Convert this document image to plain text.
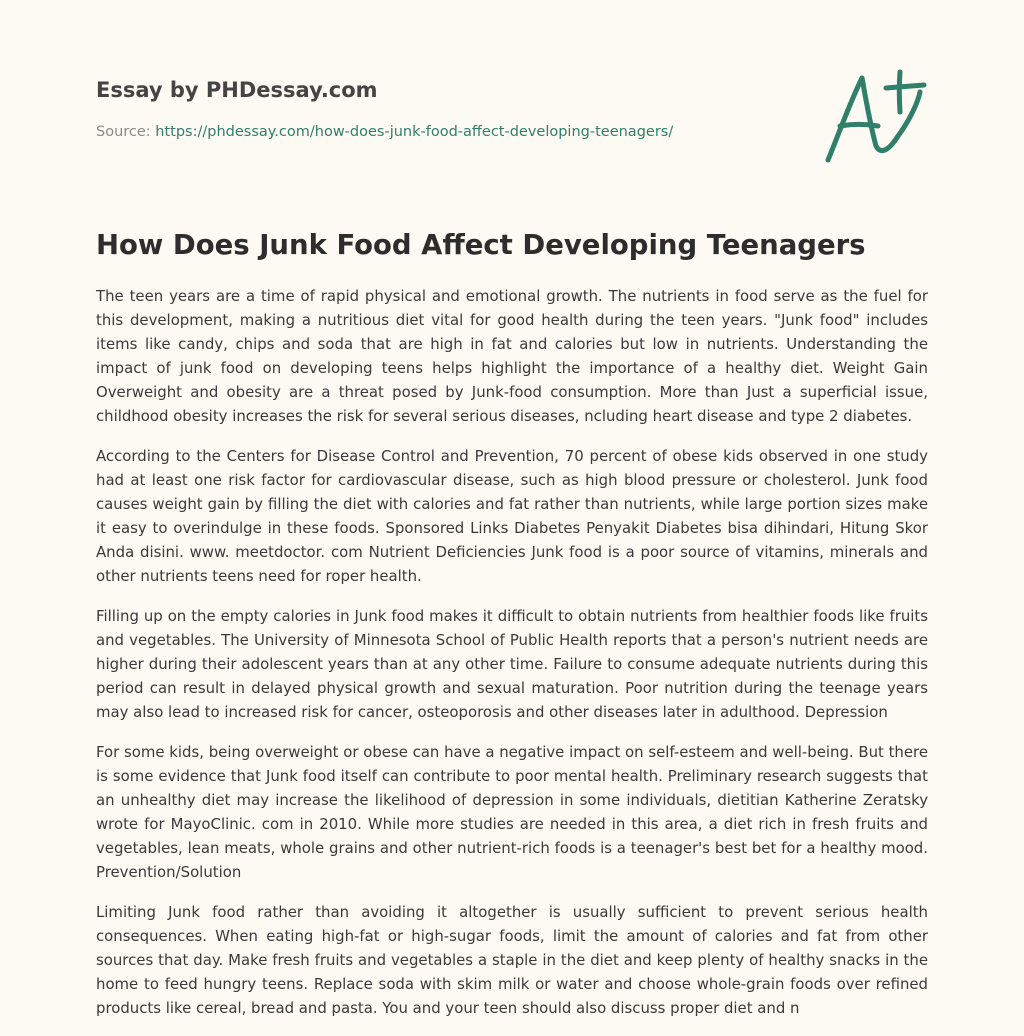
Essay by PHDessay.com
Source: https://phdessay.com/how-does-junk-food-affect-developing-teenagers/
How Does Junk Food Affect Developing Teenagers

The teen years are a time of rapid physical and emotional growth. The nutrients in food serve as the fuel for this development, making a nutritious diet vital for good health during the teen years. "Junk food" includes items like candy, chips and soda that are high in fat and calories but low in nutrients. Understanding the impact of junk food on developing teens helps highlight the importance of a healthy diet. Weight Gain Overweight and obesity are a threat posed by Junk-food consumption. More than Just a superficial issue, childhood obesity increases the risk for several serious diseases, ncluding heart disease and type 2 diabetes.

According to the Centers for Disease Control and Prevention, 70 percent of obese kids observed in one study had at least one risk factor for cardiovascular disease, such as high blood pressure or cholesterol. Junk food causes weight gain by filling the diet with calories and fat rather than nutrients, while large portion sizes make it easy to overindulge in these foods. Sponsored Links Diabetes Penyakit Diabetes bisa dihindari, Hitung Skor Anda disini. www. meetdoctor. com Nutrient Deficiencies Junk food is a poor source of vitamins, minerals and other nutrients teens need for roper health.

Filling up on the empty calories in Junk food makes it difficult to obtain nutrients from healthier foods like fruits and vegetables. The University of Minnesota School of Public Health reports that a person's nutrient needs are higher during their adolescent years than at any other time. Failure to consume adequate nutrients during this period can result in delayed physical growth and sexual maturation. Poor nutrition during the teenage years may also lead to increased risk for cancer, osteoporosis and other diseases later in adulthood. Depression

For some kids, being overweight or obese can have a negative impact on self-esteem and well-being. But there is some evidence that Junk food itself can contribute to poor mental health. Preliminary research suggests that an unhealthy diet may increase the likelihood of depression in some individuals, dietitian Katherine Zeratsky wrote for MayoClinic. com in 2010. While more studies are needed in this area, a diet rich in fresh fruits and vegetables, lean meats, whole grains and other nutrient-rich foods is a teenager's best bet for a healthy mood. Prevention/Solution

Limiting Junk food rather than avoiding it altogether is usually sufficient to prevent serious health consequences. When eating high-fat or high-sugar foods, limit the amount of calories and fat from other sources that day. Make fresh fruits and vegetables a staple in the diet and keep plenty of healthy snacks in the home to feed hungry teens. Replace soda with skim milk or water and choose whole-grain foods over refined products like cereal, bread and pasta. You and your teen should also discuss proper diet and n
